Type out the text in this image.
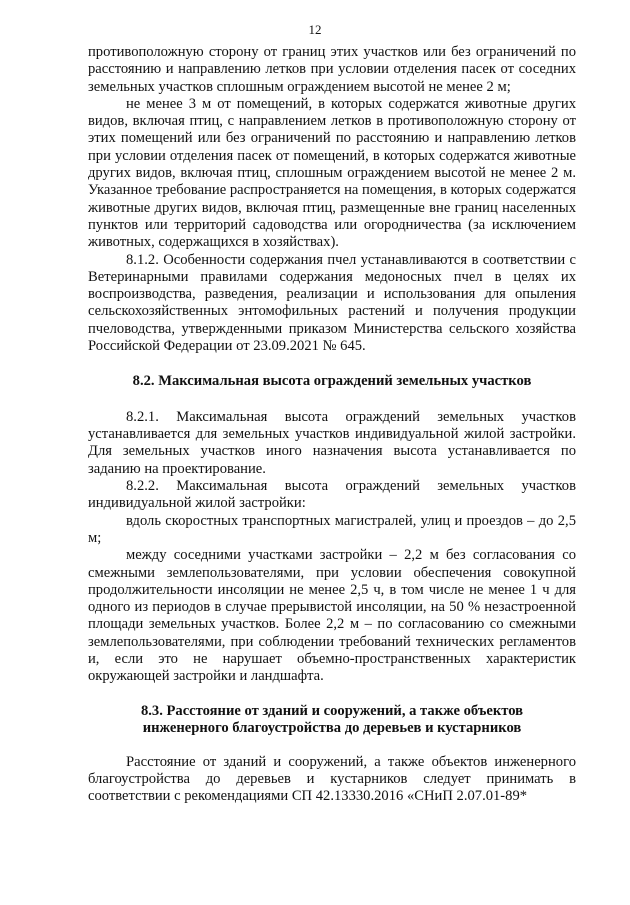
12

противоположную сторону от границ этих участков или без ограничений по расстоянию и направлению летков при условии отделения пасек от соседних земельных участков сплошным ограждением высотой не менее 2 м;

не менее 3 м от помещений, в которых содержатся животные других видов, включая птиц, с направлением летков в противоположную сторону от этих помещений или без ограничений по расстоянию и направлению летков при условии отделения пасек от помещений, в которых содержатся животные других видов, включая птиц, сплошным ограждением высотой не менее 2 м. Указанное требование распространяется на помещения, в которых содержатся животные других видов, включая птиц, размещенные вне границ населенных пунктов или территорий садоводства или огородничества (за исключением животных, содержащихся в хозяйствах).

8.1.2. Особенности содержания пчел устанавливаются в соответствии с Ветеринарными правилами содержания медоносных пчел в целях их воспроизводства, разведения, реализации и использования для опыления сельскохозяйственных энтомофильных растений и получения продукции пчеловодства, утвержденными приказом Министерства сельского хозяйства Российской Федерации от 23.09.2021 № 645.

8.2. Максимальная высота ограждений земельных участков

8.2.1. Максимальная высота ограждений земельных участков устанавливается для земельных участков индивидуальной жилой застройки. Для земельных участков иного назначения высота устанавливается по заданию на проектирование.

8.2.2. Максимальная высота ограждений земельных участков индивидуальной жилой застройки:

вдоль скоростных транспортных магистралей, улиц и проездов – до 2,5 м;

между соседними участками застройки – 2,2 м без согласования со смежными землепользователями, при условии обеспечения совокупной продолжительности инсоляции не менее 2,5 ч, в том числе не менее 1 ч для одного из периодов в случае прерывистой инсоляции, на 50 % незастроенной площади земельных участков. Более 2,2 м – по согласованию со смежными землепользователями, при соблюдении требований технических регламентов и, если это не нарушает объемно-пространственных характеристик окружающей застройки и ландшафта.

8.3. Расстояние от зданий и сооружений, а также объектов
инженерного благоустройства до деревьев и кустарников

Расстояние от зданий и сооружений, а также объектов инженерного благоустройства до деревьев и кустарников следует принимать в соответствии с рекомендациями СП 42.13330.2016 «СНиП 2.07.01-89*
